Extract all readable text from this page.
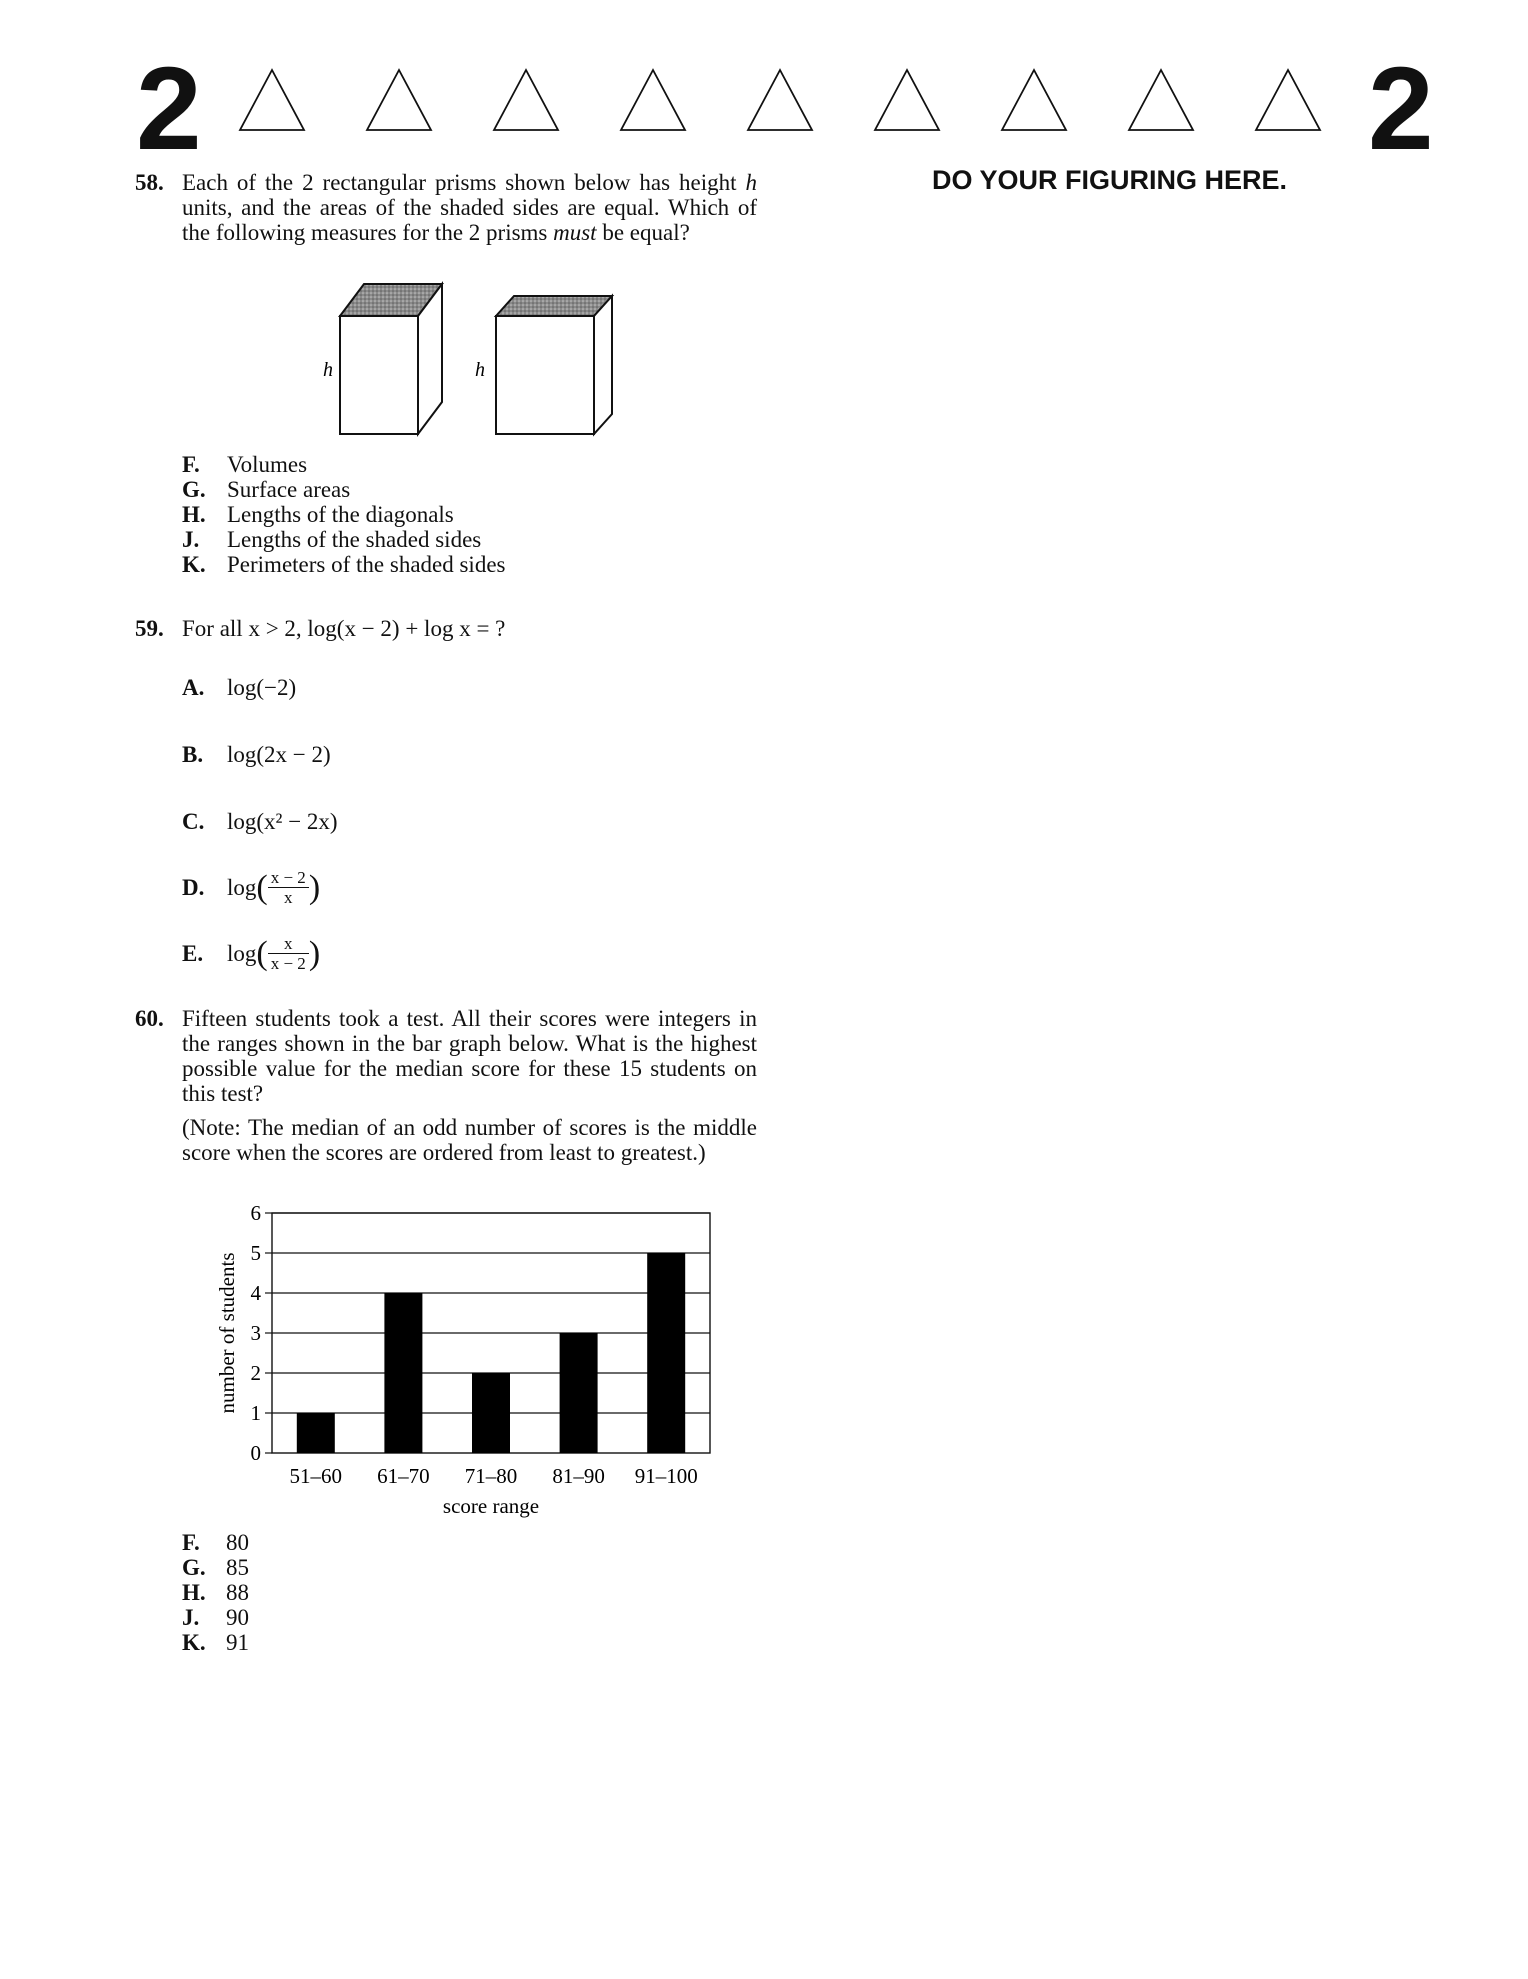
2	2
DO YOUR FIGURING HERE.
58. Each of the 2 rectangular prisms shown below has height h units, and the areas of the shaded sides are equal. Which of the following measures for the 2 prisms must be equal?
h	h
F. Volumes
G. Surface areas
H. Lengths of the diagonals
J. Lengths of the shaded sides
K. Perimeters of the shaded sides
59. For all x > 2, log(x − 2) + log x = ?
A. log(−2)
B. log(2x − 2)
C. log(x² − 2x)
D. $\log( \frac{x - 2}{x}$ )
E. $\log( \frac{x}{x - 2}$ )
60. Fifteen students took a test. All their scores were integers in the ranges shown in the bar graph below. What is the highest possible value for the median score for these 15 students on this test?
(Note: The median of an odd number of scores is the middle score when the scores are ordered from least to greatest.)
0
1
2
3
4
5
6
51–60 61–70 71–80 81–90 91–100
score range
number of students
F. 80
G. 85
H. 88
J. 90
K. 91
